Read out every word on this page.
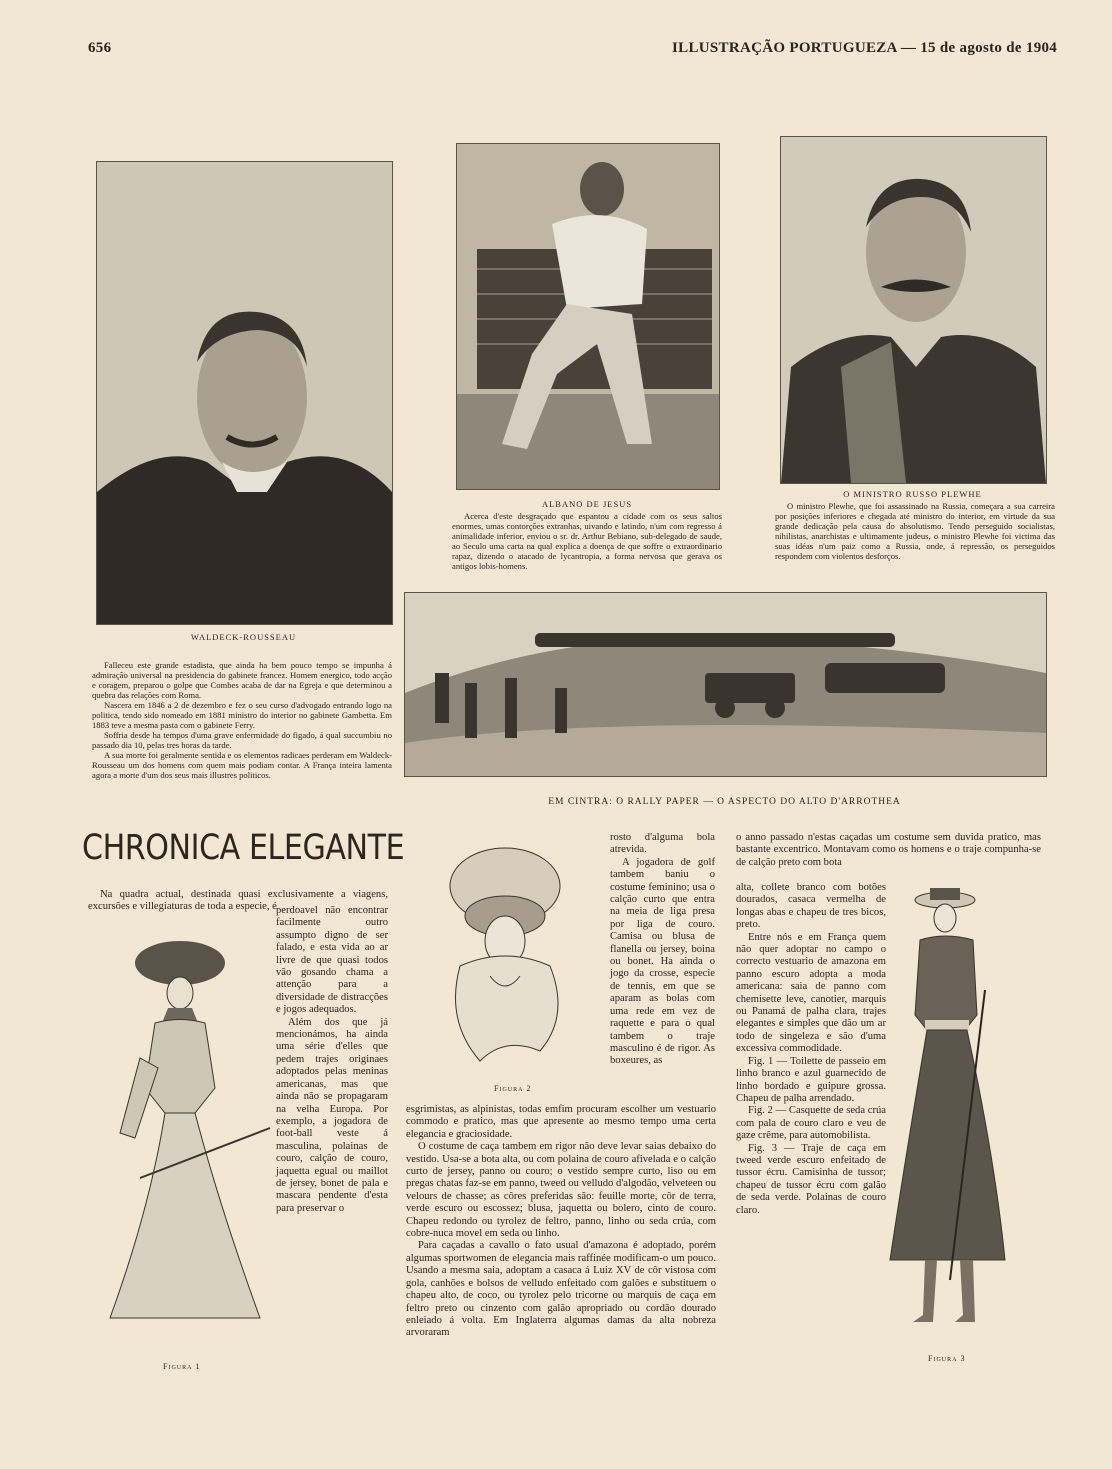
656	ILLUSTRAÇÃO PORTUGUEZA — 15 de agosto de 1904
WALDECK-ROUSSEAU

Falleceu este grande estadista, que ainda ha bem pouco tempo se impunha á admiração universal na presidencia do gabinete francez. Homem energico, todo acção e coragem, preparou o golpe que Combes acaba de dar na Egreja e que determinou a quebra das relações com Roma.

Nascera em 1846 a 2 de dezembro e fez o seu curso d'advogado entrando logo na politica, tendo sido nomeado em 1881 ministro do interior no gabinete Gambetta. Em 1883 teve a mesma pasta com o gabinete Ferry.

Soffria desde ha tempos d'uma grave enfermidade do figado, á qual succumbiu no passado dia 10, pelas tres horas da tarde.

A sua morte foi geralmente sentida e os elementos radicaes perderam em Waldeck-Rousseau um dos homens com quem mais podiam contar. A França inteira lamenta agora a morte d'um dos seus mais illustres politicos.

ALBANO DE JESUS

Acerca d'este desgraçado que espantou a cidade com os seus saltos enormes, umas contorções extranhas, uivando e latindo, n'um com regresso á animalidade inferior, enviou o sr. dr. Arthur Bebiano, sub-delegado de saude, ao Seculo uma carta na qual explica a doença de que soffre o extraordinario rapaz, dizendo o atacado de lycantropia, a forma nervosa que gerava os antigos lobis-homens.

O MINISTRO RUSSO PLEWHE

O ministro Plewhe, que foi assassinado na Russia, começara a sua carreira por posições inferiores e chegada até ministro do interior, em virtude da sua grande dedicação pela causa do absolutismo. Tendo perseguido socialistas, nihilistas, anarchistas e ultimamente judeus, o ministro Plewhe foi victima das suas idéas n'um paiz como a Russia, onde, á repressão, os perseguidos respondem com violentos desforços.

EM CINTRA: O RALLY PAPER — O ASPECTO DO ALTO D'ARROTHEA
CHRONICA ELEGANTE

Na quadra actual, destinada quasi exclusivamente a viagens, excursões e villegiaturas de toda a especie, é

Figura 1

perdoavel não encontrar facilmente outro assumpto digno de ser falado, e esta vida ao ar livre de que quasi todos vão gosando chama a attenção para a diversidade de distracções e jogos adequados.

Além dos que já mencionámos, ha ainda uma série d'elles que pedem trajes originaes adoptados pelas meninas americanas, mas que ainda não se propagaram na velha Europa. Por exemplo, a jogadora de foot-ball veste á masculina, polainas de couro, calção de couro, jaquetta egual ou maillot de jersey, bonet de pala e mascara pendente d'esta para preservar o

Figura 2

rosto d'alguma bola atrevida.

A jogadora de golf tambem baniu o costume feminino; usa o calção curto que entra na meia de liga presa por liga de couro. Camisa ou blusa de flanella ou jersey, boina ou bonet. Ha ainda o jogo da crosse, especie de tennis, em que se aparam as bolas com uma rede em vez de raquette e para o qual tambem o traje masculino é de rigor. As boxeures, as

esgrimistas, as alpinistas, todas emfim procuram escolher um vestuario commodo e pratico, mas que apresente ao mesmo tempo uma certa elegancia e graciosidade.

O costume de caça tambem em rigor não deve levar saias debaixo do vestido. Usa-se a bota alta, ou com polaina de couro afivelada e o calção curto de jersey, panno ou couro; o vestido sempre curto, liso ou em pregas chatas faz-se em panno, tweed ou velludo d'algodão, velveteen ou velours de chasse; as côres preferidas são: feuille morte, côr de terra, verde escuro ou escossez; blusa, jaquetta ou bolero, cinto de couro. Chapeu redondo ou tyrolez de feltro, panno, linho ou seda crúa, com cobre-nuca movel em seda ou linho.

Para caçadas a cavallo o fato usual d'amazona é adoptado, porém algumas sportwomen de elegancia mais raffinée modificam-o um pouco. Usando a mesma saia, adoptam a casaca á Luiz XV de côr vistosa com gola, canhões e bolsos de velludo enfeitado com galões e substituem o chapeu alto, de coco, ou tyrolez pelo tricorne ou marquis de caça em feltro preto ou cinzento com galão apropriado ou cordão dourado enleiado á volta. Em Inglaterra algumas damas da alta nobreza arvoraram

o anno passado n'estas caçadas um costume sem duvida pratico, mas bastante excentrico. Montavam como os homens e o traje compunha-se de calção preto com bota

alta, collete branco com botões dourados, casaca vermelha de longas abas e chapeu de tres bicos, preto.

Entre nós e em França quem não quer adoptar no campo o correcto vestuario de amazona em panno escuro adopta a moda americana: saia de panno com chemisette leve, canotier, marquis ou Panamá de palha clara, trajes elegantes e simples que dão um ar todo de singeleza e são d'uma excessiva commodidade.

Fig. 1 — Toilette de passeio em linho branco e azul guarnecido de linho bordado e guipure grossa. Chapeu de palha arrendado.

Fig. 2 — Casquette de seda crúa com pala de couro claro e veu de gaze crême, para automobilista.

Fig. 3 — Traje de caça em tweed verde escuro enfeitado de tussor écru. Camisinha de tussor; chapeu de tussor écru com galão de seda verde. Polainas de couro claro.

Figura 3
